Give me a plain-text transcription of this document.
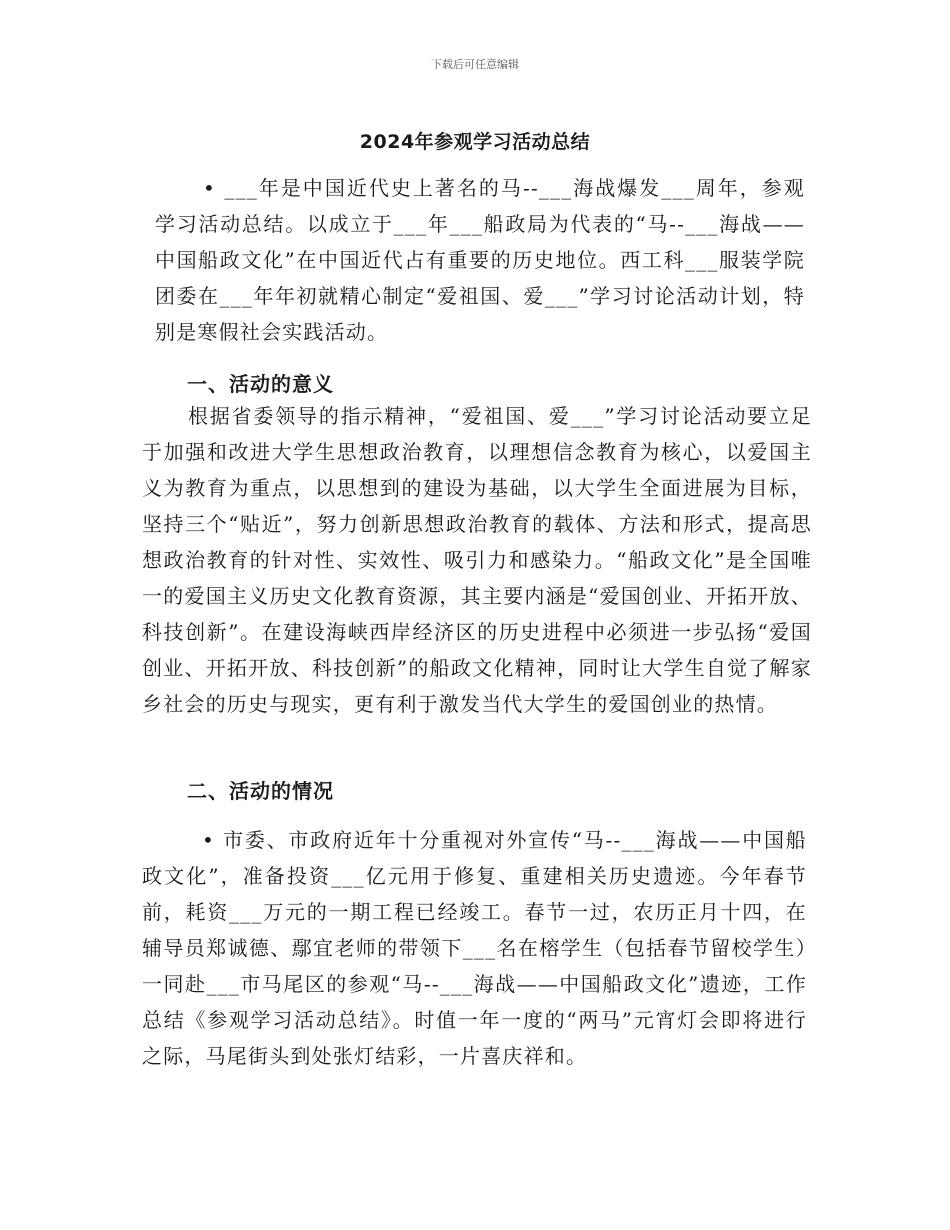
下载后可任意编辑
2024年参观学习活动总结
• ___年是中国近代史上著名的马--___海战爆发___周年，参观学习活动总结。以成立于___年___船政局为代表的“马--___海战——中国船政文化”在中国近代占有重要的历史地位。西工科___服装学院团委在___年年初就精心制定“爱祖国、爱___”学习讨论活动计划，特别是寒假社会实践活动。
一、活动的意义
根据省委领导的指示精神，“爱祖国、爱___”学习讨论活动要立足于加强和改进大学生思想政治教育，以理想信念教育为核心，以爱国主义为教育为重点，以思想到的建设为基础，以大学生全面进展为目标，坚持三个“贴近”，努力创新思想政治教育的载体、方法和形式，提高思想政治教育的针对性、实效性、吸引力和感染力。“船政文化”是全国唯一的爱国主义历史文化教育资源，其主要内涵是“爱国创业、开拓开放、科技创新”。在建设海峡西岸经济区的历史进程中必须进一步弘扬“爱国创业、开拓开放、科技创新”的船政文化精神，同时让大学生自觉了解家乡社会的历史与现实，更有利于激发当代大学生的爱国创业的热情。
二、活动的情况
• 市委、市政府近年十分重视对外宣传“马--___海战——中国船政文化”，准备投资___亿元用于修复、重建相关历史遗迹。今年春节前，耗资___万元的一期工程已经竣工。春节一过，农历正月十四，在辅导员郑诚德、鄢宜老师的带领下___名在榕学生（包括春节留校学生）一同赴___市马尾区的参观“马--___海战——中国船政文化”遗迹，工作总结《参观学习活动总结》。时值一年一度的“两马”元宵灯会即将进行之际，马尾街头到处张灯结彩，一片喜庆祥和。
